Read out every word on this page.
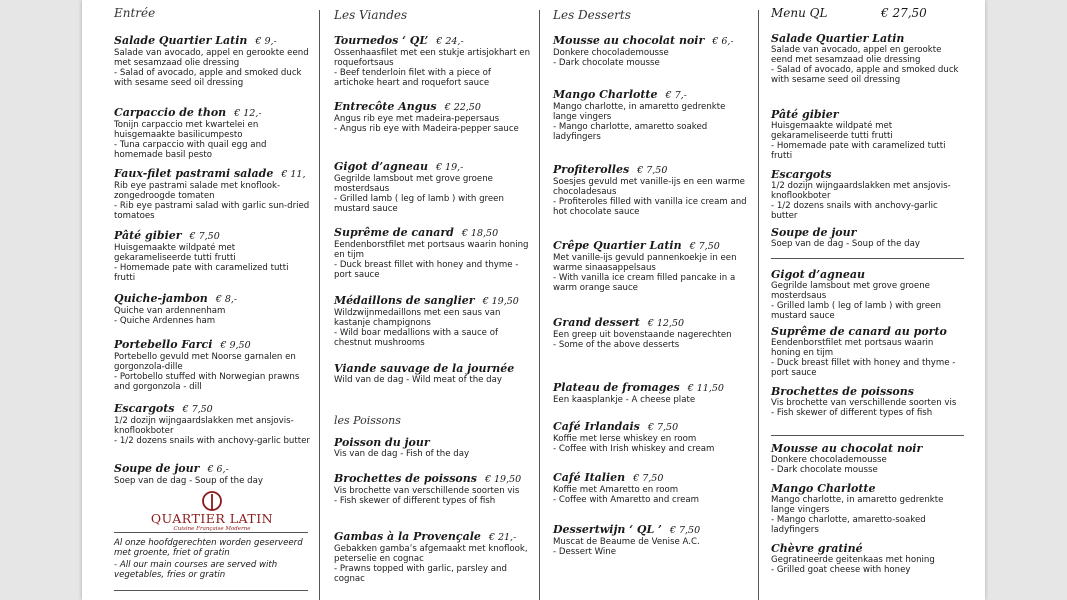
Entrée
Salade Quartier Latin € 9,-
Salade van avocado, appel en gerookte eend met sesamzaad olie dressing
- Salad of avocado, apple and smoked duck with sesame seed oil dressing
Carpaccio de thon € 12,-
Tonijn carpaccio met kwartelei en huisgemaakte basilicumpesto
- Tuna carpaccio with quail egg and homemade basil pesto
Faux-filet pastrami salade € 11,
Rib eye pastrami salade met knoflook-zongedroogde tomaten
- Rib eye pastrami salad with garlic sun-dried tomatoes
Pâté gibier € 7,50
Huisgemaakte wildpaté met gekarameliseerde tutti frutti
- Homemade pate with caramelized tutti frutti
Quiche-jambon € 8,-
Quiche van ardennenham
- Quiche Ardennes ham
Portebello Farci € 9,50
Portebello gevuld met Noorse garnalen en gorgonzola-dille
- Portobello stuffed with Norwegian prawns and gorgonzola - dill
Escargots € 7,50
1/2 dozijn wijngaardslakken met ansjovis-knoflookboter
- 1/2 dozens snails with anchovy-garlic butter
Soupe de jour € 6,-
Soep van de dag - Soup of the day
QUARTIER LATIN
Cuisine Française Moderne
Al onze hoofdgerechten worden geserveerd met groente, friet of gratin
- All our main courses are served with vegetables, fries or gratin
Les Viandes
Tournedos ‘ QL’ € 24,-
Ossenhaasfilet met een stukje artisjokhart en roquefortsaus
- Beef tenderloin filet with a piece of artichoke heart and roquefort sauce
Entrecôte Angus € 22,50
Angus rib eye met madeira-pepersaus
- Angus rib eye with Madeira-pepper sauce
Gigot d’agneau € 19,-
Gegrilde lamsbout met grove groene mosterdsaus
- Grilled lamb ( leg of lamb ) with green mustard sauce
Suprême de canard € 18,50
Eendenborstfilet met portsaus waarin honing en tijm
- Duck breast fillet with honey and thyme - port sauce
Médaillons de sanglier € 19,50
Wildzwijnmedaillons met een saus van kastanje champignons
- Wild boar medallions with a sauce of chestnut mushrooms
Viande sauvage de la journée
Wild van de dag - Wild meat of the day
les Poissons
Poisson du jour
Vis van de dag - Fish of the day
Brochettes de poissons € 19,50
Vis brochette van verschillende soorten vis
- Fish skewer of different types of fish
Gambas à la Provençale € 21,-
Gebakken gamba’s afgemaakt met knoflook, peterselie en cognac
- Prawns topped with garlic, parsley and cognac
Les Desserts
Mousse au chocolat noir € 6,-
Donkere chocolademousse
- Dark chocolate mousse
Mango Charlotte € 7,-
Mango charlotte, in amaretto gedrenkte lange vingers
- Mango charlotte, amaretto soaked ladyfingers
Profiterolles € 7,50
Soesjes gevuld met vanille-ijs en een warme chocoladesaus
- Profiteroles filled with vanilla ice cream and hot chocolate sauce
Crêpe Quartier Latin € 7,50
Met vanille-ijs gevuld pannenkoekje in een warme sinaasappelsaus
- With vanilla ice cream filled pancake in a warm orange sauce
Grand dessert € 12,50
Een greep uit bovenstaande nagerechten
- Some of the above desserts
Plateau de fromages € 11,50
Een kaasplankje - A cheese plate
Café Irlandais € 7,50
Koffie met Ierse whiskey en room
- Coffee with Irish whiskey and cream
Café Italien € 7,50
Koffie met Amaretto en room
- Coffee with Amaretto and cream
Dessertwijn ‘ QL ’ € 7,50
Muscat de Beaume de Venise A.C.
- Dessert Wine
Menu QL	€ 27,50
Salade Quartier Latin
Salade van avocado, appel en gerookte eend met sesamzaad olie dressing
- Salad of avocado, apple and smoked duck with sesame seed oil dressing
Pâté gibier
Huisgemaakte wildpaté met gekarameliseerde tutti frutti
- Homemade pate with caramelized tutti frutti
Escargots
1/2 dozijn wijngaardslakken met ansjovis-knoflookboter
- 1/2 dozens snails with anchovy-garlic butter
Soupe de jour
Soep van de dag - Soup of the day
Gigot d’agneau
Gegrilde lamsbout met grove groene mosterdsaus
- Grilled lamb ( leg of lamb ) with green mustard sauce
Suprême de canard au porto
Eendenborstfilet met portsaus waarin honing en tijm
- Duck breast fillet with honey and thyme - port sauce
Brochettes de poissons
Vis brochette van verschillende soorten vis
- Fish skewer of different types of fish
Mousse au chocolat noir
Donkere chocolademousse
- Dark chocolate mousse
Mango Charlotte
Mango charlotte, in amaretto gedrenkte lange vingers
- Mango charlotte, amaretto-soaked ladyfingers
Chèvre gratiné
Gegratineerde geitenkaas met honing
- Grilled goat cheese with honey
